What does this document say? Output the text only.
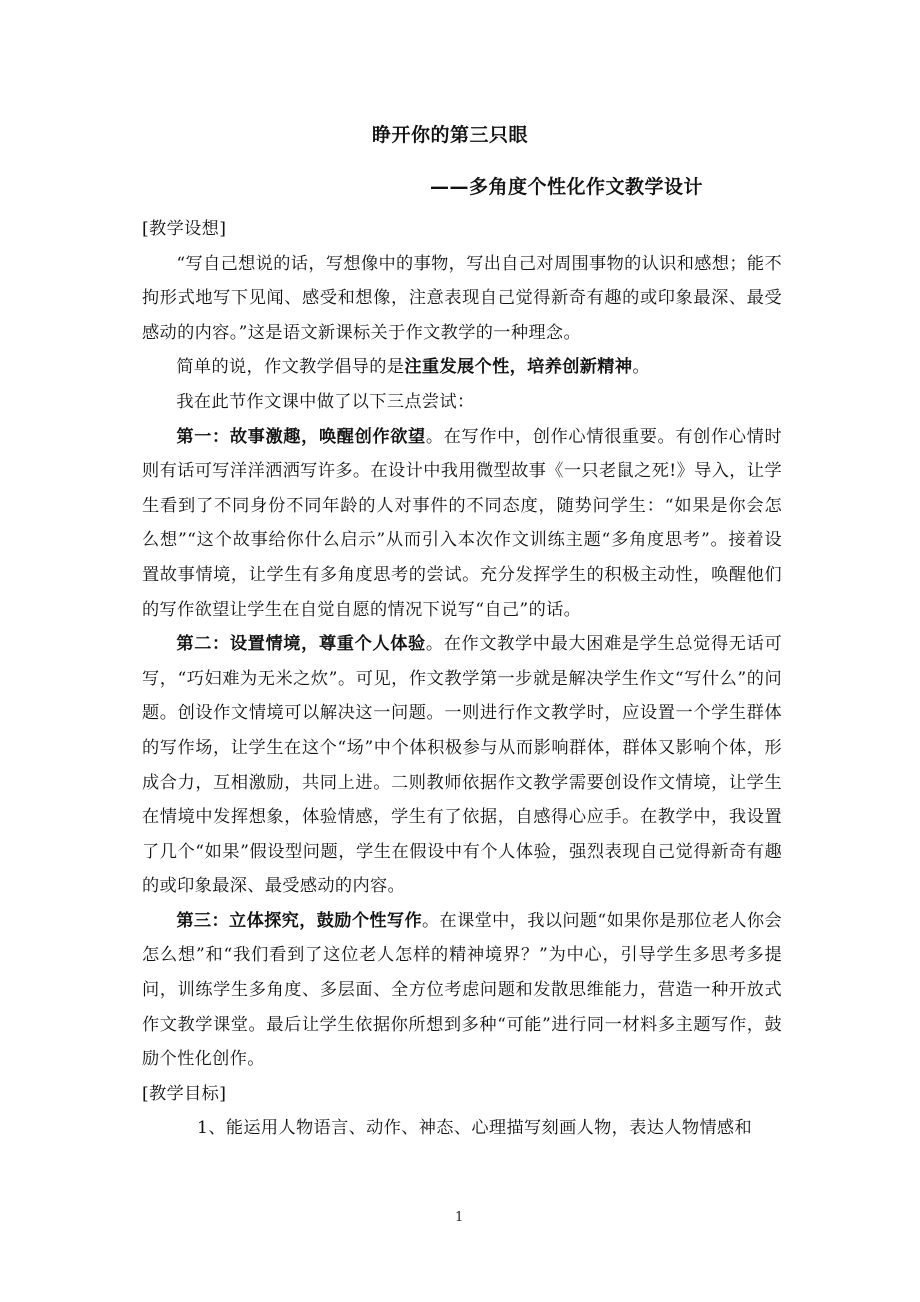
睁开你的第三只眼
——多角度个性化作文教学设计

[教学设想]

“写自己想说的话，写想像中的事物，写出自己对周围事物的认识和感想；能不拘形式地写下见闻、感受和想像，注意表现自己觉得新奇有趣的或印象最深、最受感动的内容。”这是语文新课标关于作文教学的一种理念。

简单的说，作文教学倡导的是注重发展个性，培养创新精神。

我在此节作文课中做了以下三点尝试：

第一：故事激趣，唤醒创作欲望。在写作中，创作心情很重要。有创作心情时则有话可写洋洋洒洒写许多。在设计中我用微型故事《一只老鼠之死!》导入，让学生看到了不同身份不同年龄的人对事件的不同态度，随势问学生：“如果是你会怎么想”“这个故事给你什么启示”从而引入本次作文训练主题“多角度思考”。接着设置故事情境，让学生有多角度思考的尝试。充分发挥学生的积极主动性，唤醒他们的写作欲望让学生在自觉自愿的情况下说写“自己”的话。

第二：设置情境，尊重个人体验。在作文教学中最大困难是学生总觉得无话可写，“巧妇难为无米之炊”。可见，作文教学第一步就是解决学生作文“写什么”的问题。创设作文情境可以解决这一问题。一则进行作文教学时，应设置一个学生群体的写作场，让学生在这个“场”中个体积极参与从而影响群体，群体又影响个体，形成合力，互相激励，共同上进。二则教师依据作文教学需要创设作文情境，让学生在情境中发挥想象，体验情感，学生有了依据，自感得心应手。在教学中，我设置了几个“如果”假设型问题，学生在假设中有个人体验，强烈表现自己觉得新奇有趣的或印象最深、最受感动的内容。

第三：立体探究，鼓励个性写作。在课堂中，我以问题“如果你是那位老人你会怎么想”和“我们看到了这位老人怎样的精神境界？”为中心，引导学生多思考多提问，训练学生多角度、多层面、全方位考虑问题和发散思维能力，营造一种开放式作文教学课堂。最后让学生依据你所想到多种“可能”进行同一材料多主题写作，鼓励个性化创作。

[教学目标]

1、能运用人物语言、动作、神态、心理描写刻画人物，表达人物情感和

1
